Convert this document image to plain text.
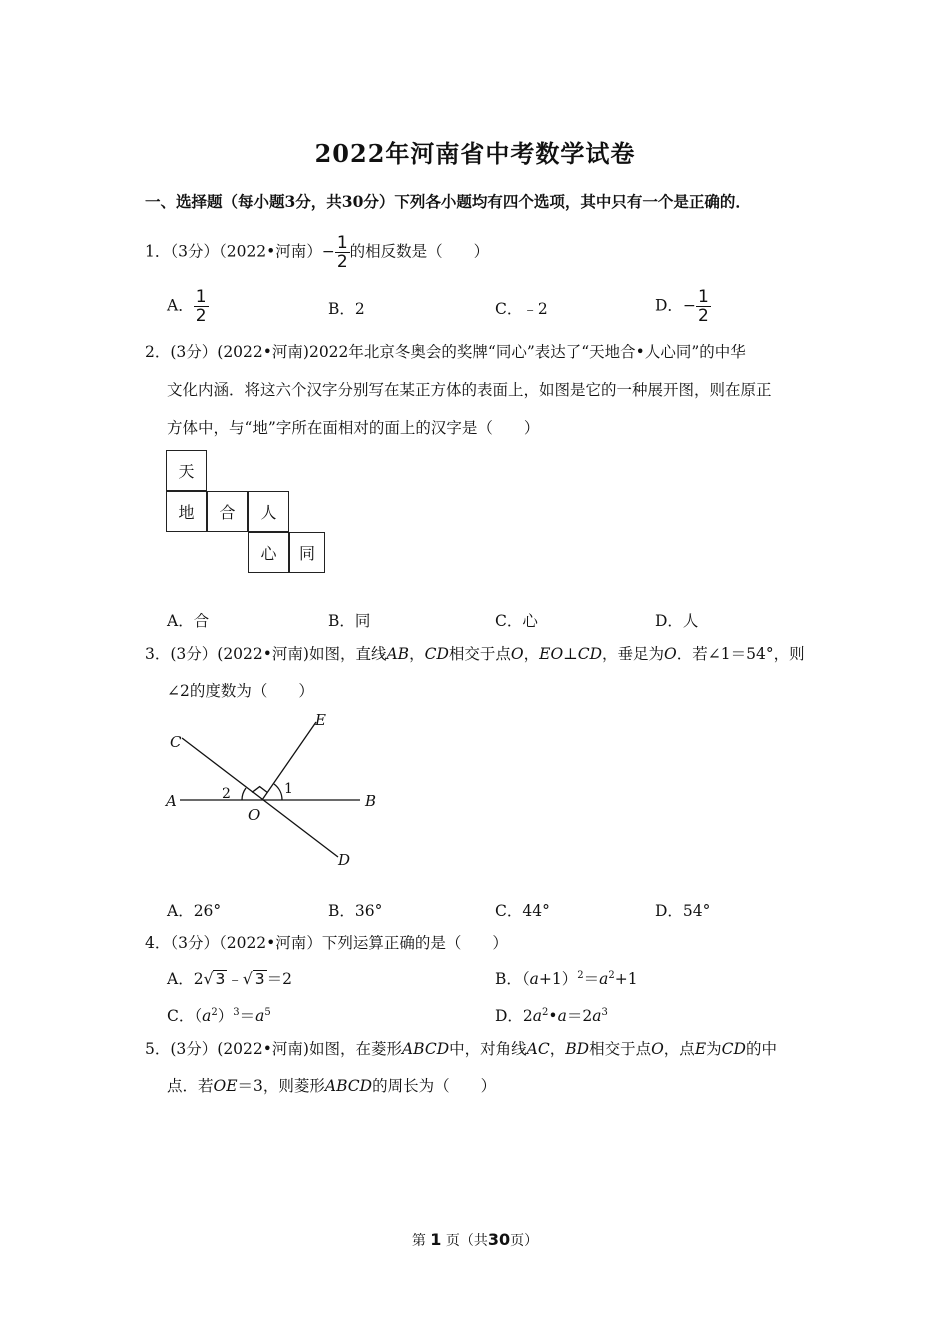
2022年河南省中考数学试卷
一、选择题（每小题3分，共30分）下列各小题均有四个选项，其中只有一个是正确的．
1．（3分）（2022•河南）− $\frac{1}{2}$ 的相反数是（　　）
A． $\frac{1}{2}$	B．2	C．﹣2	D．− $\frac{1}{2}$
2．(3分）(2022•河南)2022年北京冬奥会的奖牌“同心”表达了“天地合•人心同”的中华
文化内涵．将这六个汉字分别写在某正方体的表面上，如图是它的一种展开图，则在原正
方体中，与“地”字所在面相对的面上的汉字是（　　）
天
地	合	人
心	同
A．合	B．同	C．心	D．人
3．(3分）(2022•河南)如图，直线AB，CD相交于点O，EO⊥CD，垂足为O．若∠1＝54°，则
∠2的度数为（　　）
C
E
A	B
O
D
1
2
A．26°	B．36°	C．44°	D．54°
4．（3分）（2022•河南）下列运算正确的是（　　）
A．2√ 3 ﹣√ 3 ＝2	B．$(a+1)^2=a^2+1$
C．$(a^2)^3=a^5$	D．$2a^2•a=2a^3$
5．(3分）(2022•河南)如图，在菱形ABCD中，对角线AC，BD相交于点O，点E为CD的中
点．若OE＝3，则菱形ABCD的周长为（　　）
第 1 页（共30页）
